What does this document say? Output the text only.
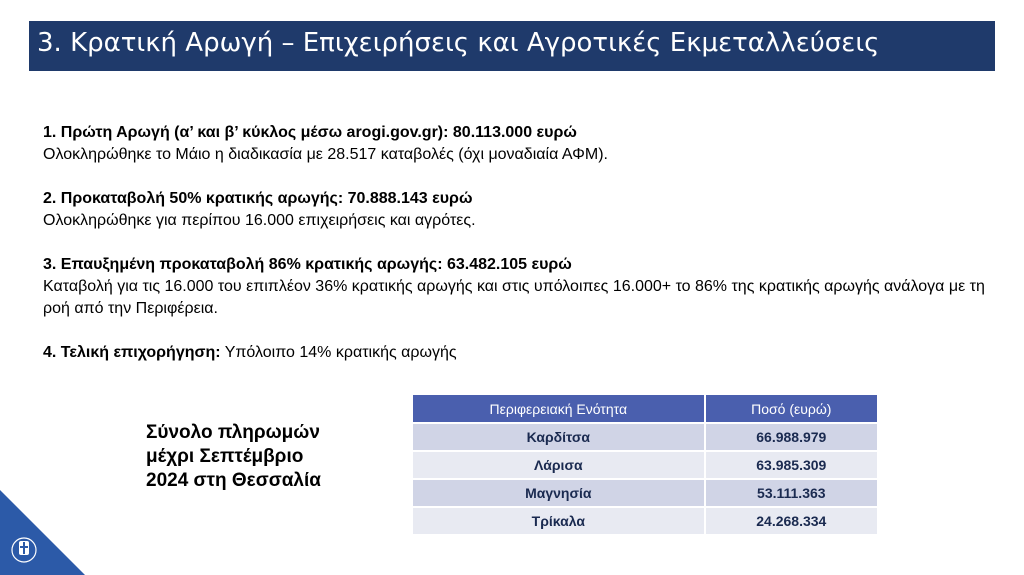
3. Κρατική Αρωγή – Επιχειρήσεις και Αγροτικές Εκμεταλλεύσεις
1. Πρώτη Αρωγή (α’ και β’ κύκλος μέσω arogi.gov.gr): 80.113.000 ευρώ
Ολοκληρώθηκε το Μάιο η διαδικασία με 28.517 καταβολές (όχι μοναδιαία ΑΦΜ).
2. Προκαταβολή 50% κρατικής αρωγής: 70.888.143 ευρώ
Ολοκληρώθηκε για περίπου 16.000 επιχειρήσεις και αγρότες.
3. Επαυξημένη προκαταβολή 86% κρατικής αρωγής: 63.482.105 ευρώ
Καταβολή για τις 16.000 του επιπλέον 36% κρατικής αρωγής και στις υπόλοιπες 16.000+ το 86% της κρατικής αρωγής ανάλογα με τη ροή από την Περιφέρεια.
4. Τελική επιχορήγηση: Υπόλοιπο 14% κρατικής αρωγής
Σύνολο πληρωμών
μέχρι Σεπτέμβριο
2024 στη Θεσσαλία
Περιφερειακή Ενότητα	Ποσό (ευρώ)
Καρδίτσα	66.988.979
Λάρισα	63.985.309
Μαγνησία	53.111.363
Τρίκαλα	24.268.334
